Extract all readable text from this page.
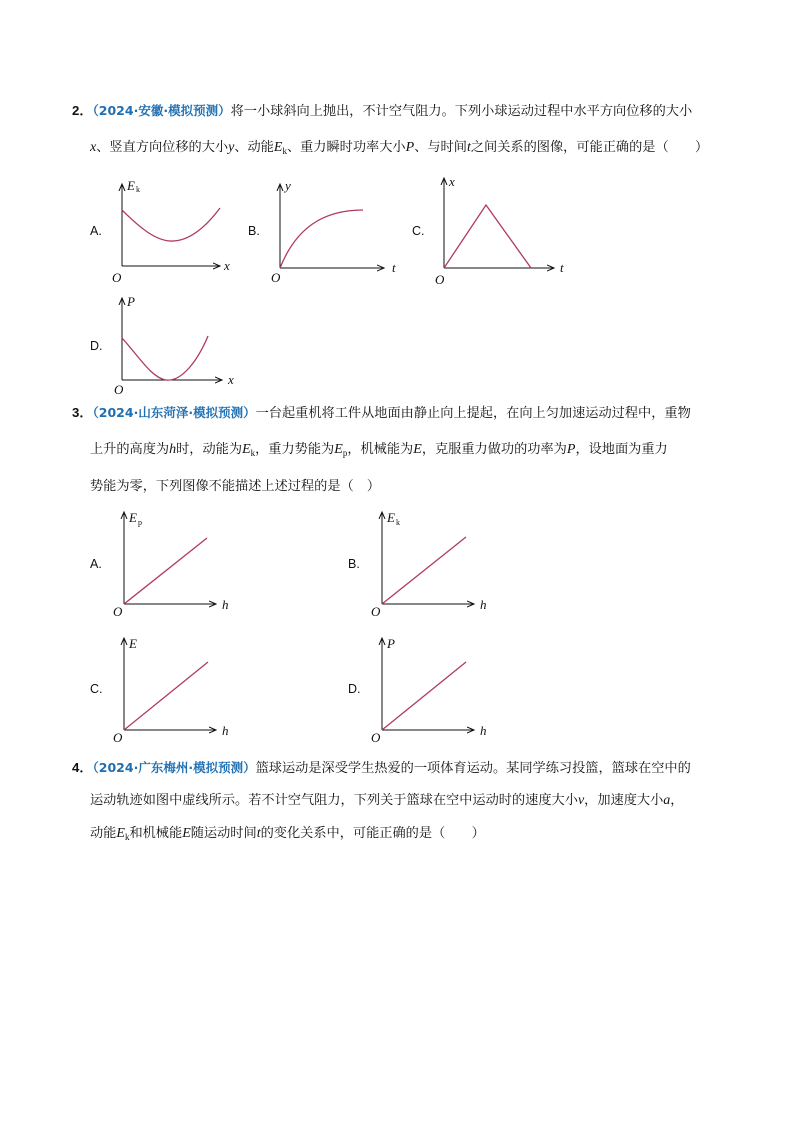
2．（2024·安徽·模拟预测）将一小球斜向上抛出，不计空气阻力。下列小球运动过程中水平方向位移的大小
x、竖直方向位移的大小y、动能$E_k$、重力瞬时功率大小P、与时间t之间关系的图像，可能正确的是（　　）
A.
E k
x
O
B.
y
t
O
C.
x
t
O
D.
P
x
O
3．（2024·山东菏泽·模拟预测）一台起重机将工件从地面由静止向上提起，在向上匀加速运动过程中，重物
上升的高度为h时，动能为$E_k$，重力势能为$E_p$，机械能为E，克服重力做功的功率为P，设地面为重力
势能为零，下列图像不能描述上述过程的是（　）
A.
E p
h
O
B.
E k
h
O
C.
E
h
O
D.
P
h
O
4．（2024·广东梅州·模拟预测）篮球运动是深受学生热爱的一项体育运动。某同学练习投篮，篮球在空中的
运动轨迹如图中虚线所示。若不计空气阻力，下列关于篮球在空中运动时的速度大小v，加速度大小a，
动能$E_k$和机械能E随运动时间t的变化关系中，可能正确的是（　　）
